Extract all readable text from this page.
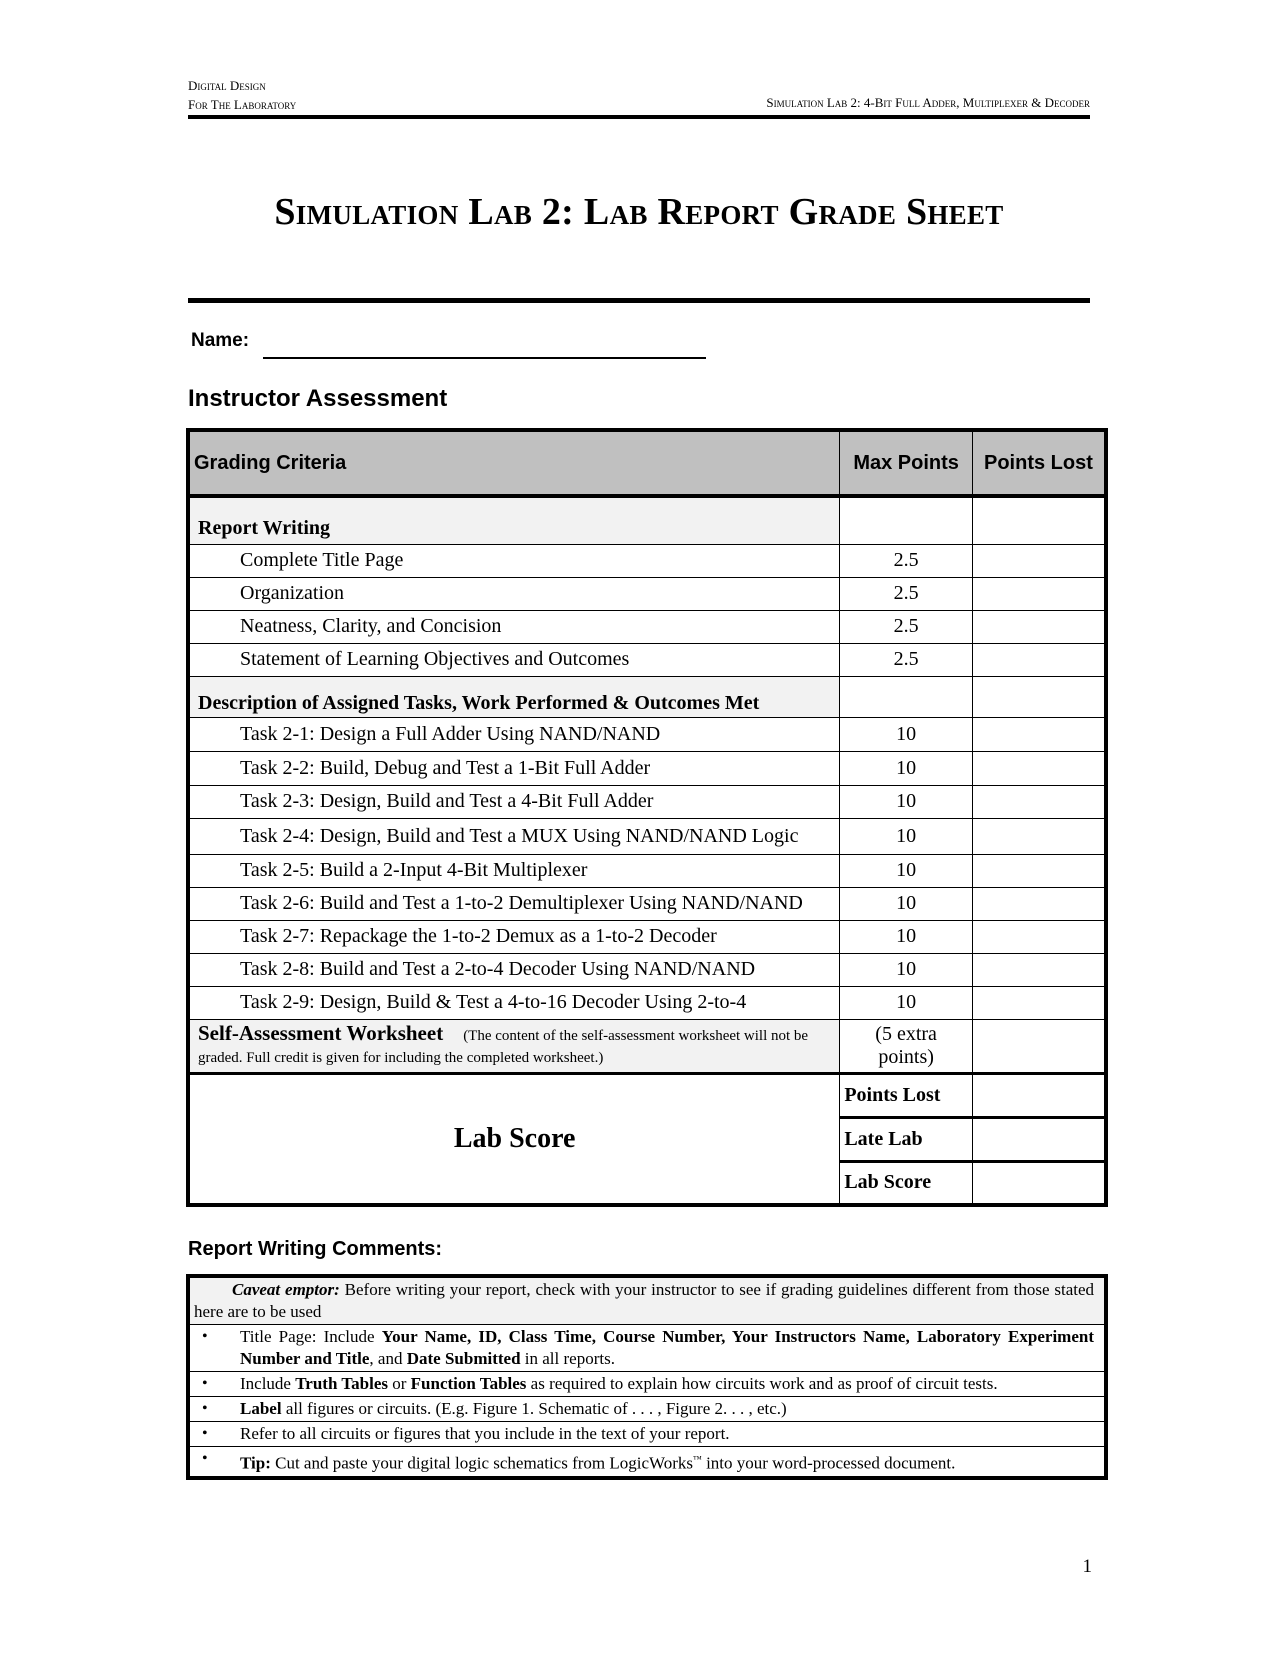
Digital Design
For The Laboratory	Simulation Lab 2: 4-Bit Full Adder, Multiplexer & Decoder
Simulation Lab 2: Lab Report Grade Sheet
Name:
Instructor Assessment
Grading Criteria	Max Points	Points Lost
Report Writing		
Complete Title Page	2.5	
Organization	2.5	
Neatness, Clarity, and Concision	2.5	
Statement of Learning Objectives and Outcomes	2.5	
Description of Assigned Tasks, Work Performed & Outcomes Met		
Task 2-1: Design a Full Adder Using NAND/NAND	10	
Task 2-2: Build, Debug and Test a 1-Bit Full Adder	10	
Task 2-3: Design, Build and Test a 4-Bit Full Adder	10	
Task 2-4: Design, Build and Test a MUX Using NAND/NAND Logic	10	
Task 2-5: Build a 2-Input 4-Bit Multiplexer	10	
Task 2-6: Build and Test a 1-to-2 Demultiplexer Using NAND/NAND	10	
Task 2-7: Repackage the 1-to-2 Demux as a 1-to-2 Decoder	10	
Task 2-8: Build and Test a 2-to-4 Decoder Using NAND/NAND	10	
Task 2-9: Design, Build & Test a 4-to-16 Decoder Using 2-to-4	10	
Self-Assessment Worksheet (The content of the self-assessment worksheet will not be graded. Full credit is given for including the completed worksheet.)	(5 extra
points)	

Lab Score	Points Lost	
	Late Lab	
	Lab Score	
Report Writing Comments:
Caveat emptor: Before writing your report, check with your instructor to see if grading guidelines different from those stated here are to be used

• Title Page: Include Your Name, ID, Class Time, Course Number, Your Instructors Name, Laboratory Experiment Number and Title, and Date Submitted in all reports.

• Include Truth Tables or Function Tables as required to explain how circuits work and as proof of circuit tests.

• Label all figures or circuits. (E.g. Figure 1. Schematic of . . . , Figure 2. . . , etc.)

• Refer to all circuits or figures that you include in the text of your report.

• Tip: Cut and paste your digital logic schematics from LogicWorks™ into your word-processed document.
1
